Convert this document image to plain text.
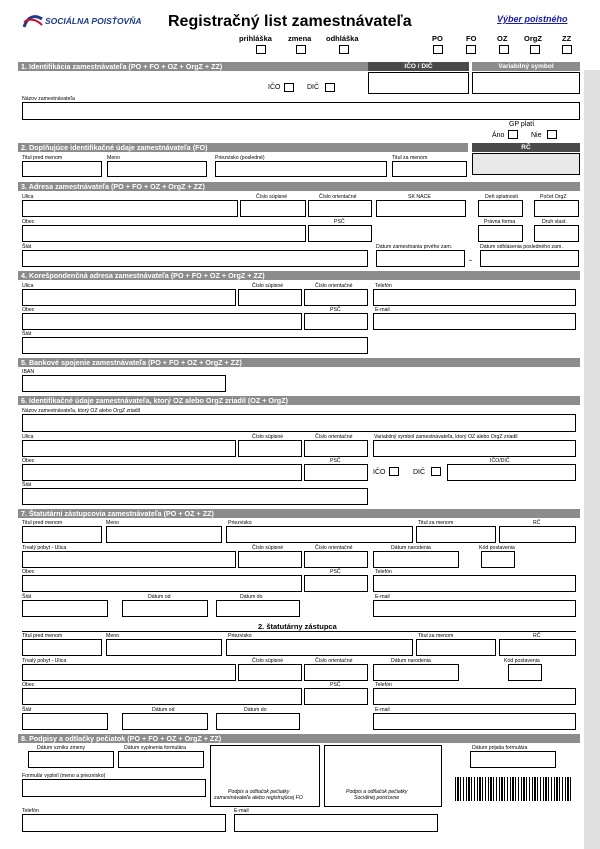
SOCIÁLNA POISŤOVŇA Registračný list zamestnávateľa	Výber poistného
prihláška zmena odhláška	PO	FO	OZ OrgZ	ZZ
1. Identifikácia zamestnávateľa (PO + FO + OZ + OrgZ + ZZ)	IČO / DIČ	Variabilný symbol
IČO	DIČ
Názov zamestnávateľa
GP platí
Áno	Nie
2. Doplňujúce identifikačné údaje zamestnávateľa (FO)	RČ
Titul pred menom	Meno	Priezvisko (posledné)	Titul za menom
3. Adresa zamestnávateľa (PO + FO + OZ + OrgZ + ZZ)
Ulica	Číslo súpisné	Číslo orientačné	SK NACE	Deň splatnosti	Počet OrgZ
Obec	PSČ	Právna forma	Druh vlast.
Štát	Dátum zamestnania prvého zam.	Dátum odhlásenia posledného zam.
-
4. Korešpondenčná adresa zamestnávateľa (PO + FO + OZ + OrgZ + ZZ)
Ulica	Číslo súpisné	Číslo orientačné	Telefón
Obec	PSČ	E-mail
Štát
5. Bankové spojenie zamestnávateľa (PO + FO + OZ + OrgZ + ZZ)
IBAN
6. Identifikačné údaje zamestnávateľa, ktorý OZ alebo OrgZ zriadil (OZ + OrgZ)
Názov zamestnávateľa, ktorý OZ alebo OrgZ zriadil
Ulica	Číslo súpisné	Číslo orientačné	Variabilný symbol zamestnávateľa, ktorý OZ alebo OrgZ zriadil
Obec	PSČ	IČO/DIČ
IČO	DIČ
Štát
7. Štatutárni zástupcovia zamestnávateľa (PO + OZ + ZZ)
Titul pred menom	Meno	Priezvisko	Titul za menom	RČ
Trvalý pobyt - Ulica	Číslo súpisné	Číslo orientačné	Dátum narodenia	Kód postavenia
Obec	PSČ	Telefón
Štát	Dátum od	Dátum do	E-mail
2. štatutárny zástupca
Titul pred menom	Meno	Priezvisko	Titul za menom	RČ
Trvalý pobyt - Ulica	Číslo súpisné	Číslo orientačné	Dátum narodenia	Kód postavenia
Obec	PSČ	Telefón
Štát	Dátum od	Dátum do	E-mail
8. Podpisy a odtlačky pečiatok (PO + FO + OZ + OrgZ + ZZ)
Dátum vzniku zmeny	Dátum vyplnenia formulára	Dátum prijatia formulára
Formulár vyplnil (meno a priezvisko)
Podpis a odtlačok pečiatky
zamestnávateľa alebo registrujúcej FO
Podpis a odtlačok pečiatky
Sociálnej poisťovne
Telefón	E-mail
